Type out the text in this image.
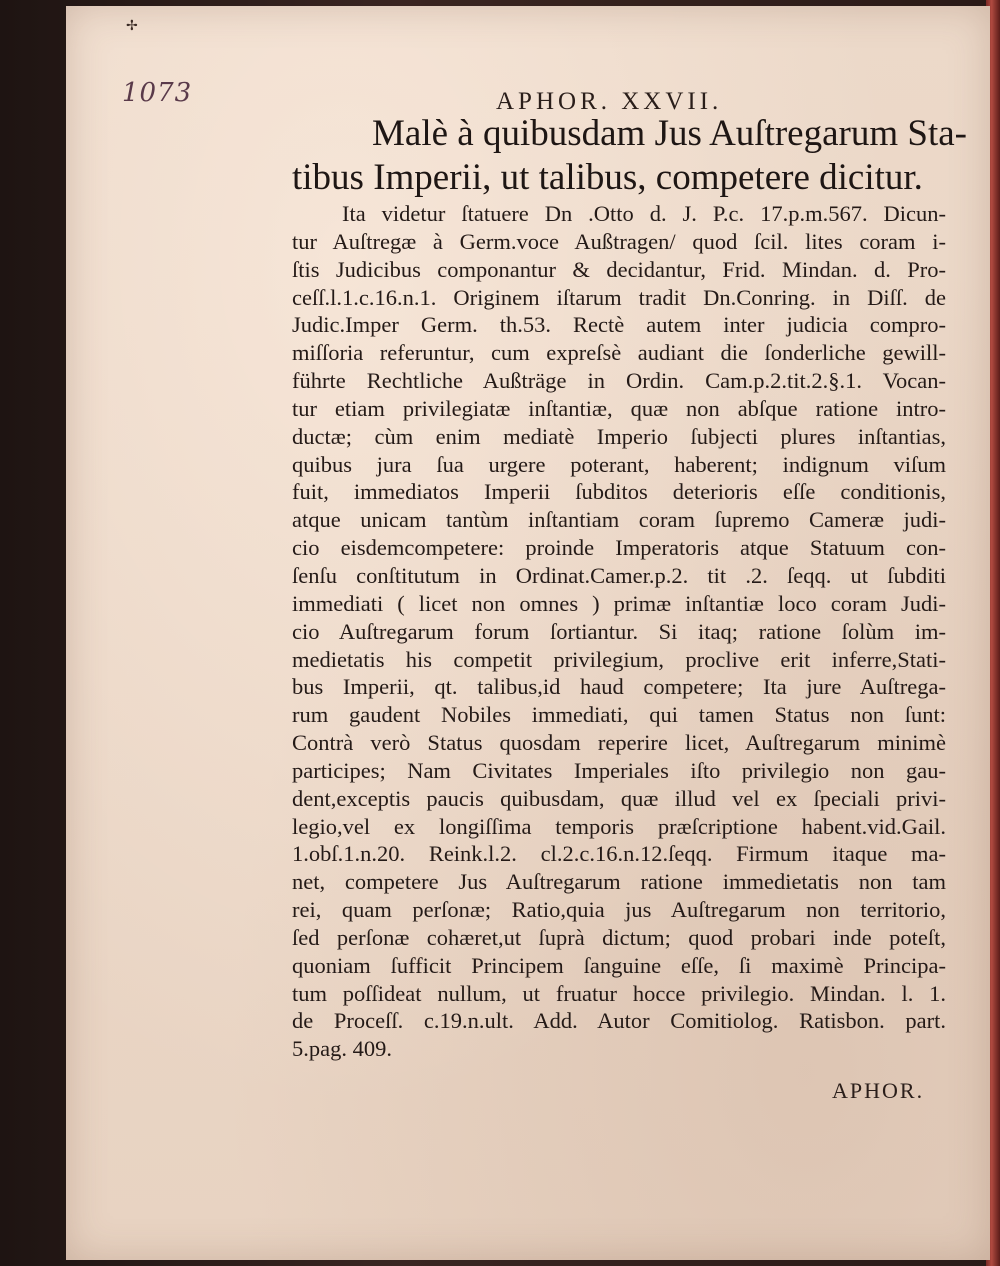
✢
1073	APHOR. XXVII.
Malè à quibusdam Jus Auſtregarum Sta-
tibus Imperii, ut talibus, competere dicitur.
Ita videtur ſtatuere Dn .Otto d. J. P.c. 17.p.m.567. Dicun-
tur Auſtregæ à Germ.voce Außtragen/ quod ſcil. lites coram i-
ſtis Judicibus componantur & decidantur, Frid. Mindan. d. Pro-
ceſſ.l.1.c.16.n.1. Originem iſtarum tradit Dn.Conring. in Diſſ. de
Judic.Imper Germ. th.53. Rectè autem inter judicia compro-
miſſoria referuntur, cum expreſsè audiant die ſonderliche gewill-
führte Rechtliche Außträge in Ordin. Cam.p.2.tit.2.§.1. Vocan-
tur etiam privilegiatæ inſtantiæ, quæ non abſque ratione intro-
ductæ; cùm enim mediatè Imperio ſubjecti plures inſtantias,
quibus jura ſua urgere poterant, haberent; indignum viſum
fuit, immediatos Imperii ſubditos deterioris eſſe conditionis,
atque unicam tantùm inſtantiam coram ſupremo Cameræ judi-
cio eisdemcompetere: proinde Imperatoris atque Statuum con-
ſenſu conſtitutum in Ordinat.Camer.p.2. tit .2. ſeqq. ut ſubditi
immediati ( licet non omnes ) primæ inſtantiæ loco coram Judi-
cio Auſtregarum forum ſortiantur. Si itaq; ratione ſolùm im-
medietatis his competit privilegium, proclive erit inferre,Stati-
bus Imperii, qt. talibus,id haud competere; Ita jure Auſtrega-
rum gaudent Nobiles immediati, qui tamen Status non ſunt:
Contrà verò Status quosdam reperire licet, Auſtregarum minimè
participes; Nam Civitates Imperiales iſto privilegio non gau-
dent,exceptis paucis quibusdam, quæ illud vel ex ſpeciali privi-
legio,vel ex longiſſima temporis præſcriptione habent.vid.Gail.
1.obſ.1.n.20. Reink.l.2. cl.2.c.16.n.12.ſeqq. Firmum itaque ma-
net, competere Jus Auſtregarum ratione immedietatis non tam
rei, quam perſonæ; Ratio,quia jus Auſtregarum non territorio,
ſed perſonæ cohæret,ut ſuprà dictum; quod probari inde poteſt,
quoniam ſufficit Principem ſanguine eſſe, ſi maximè Principa-
tum poſſideat nullum, ut fruatur hocce privilegio. Mindan. l. 1.
de Proceſſ. c.19.n.ult. Add. Autor Comitiolog. Ratisbon. part.
5.pag. 409.
APHOR.
